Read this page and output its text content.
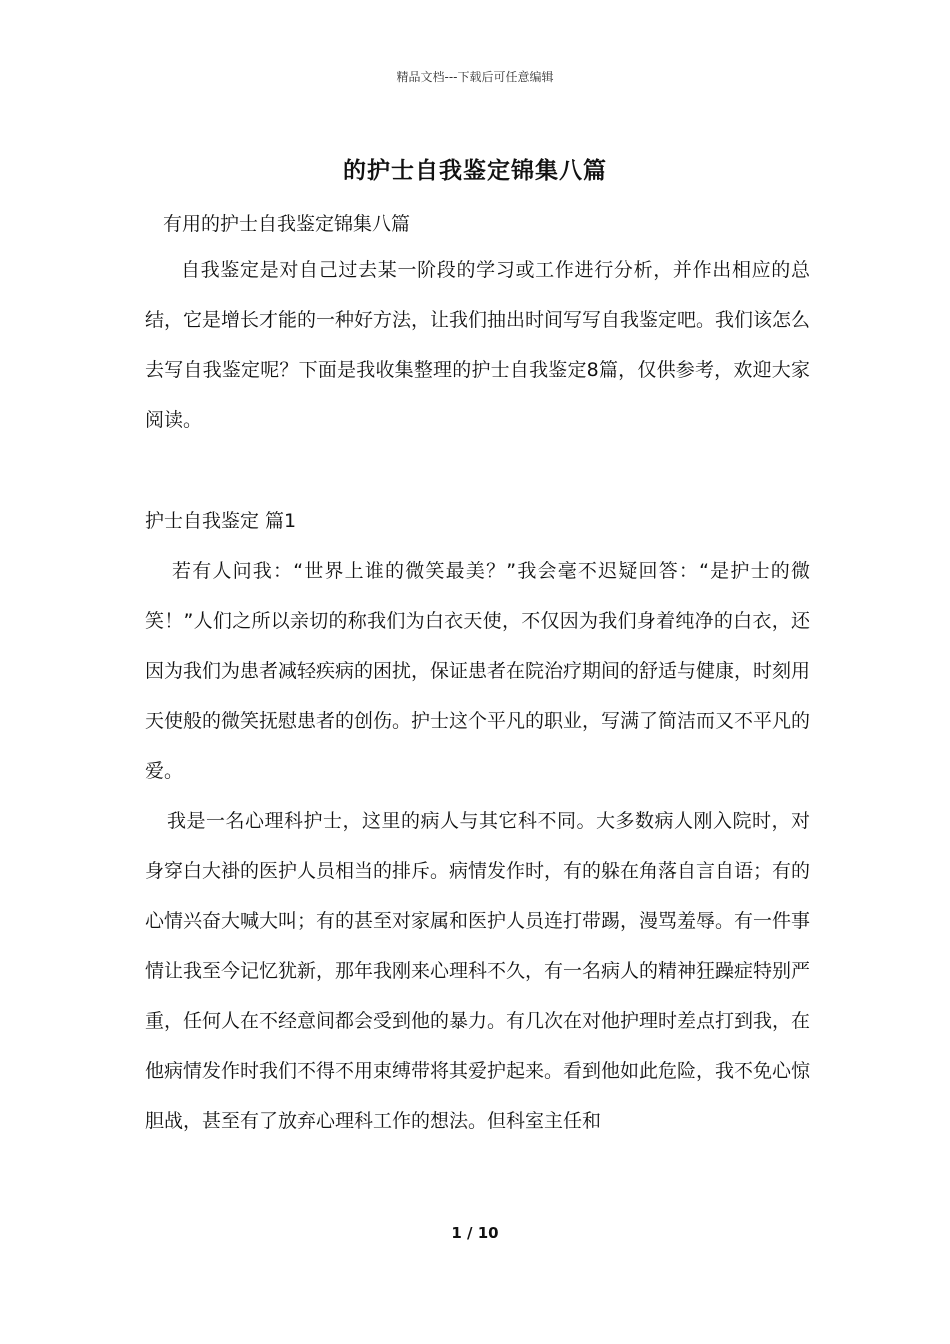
精品文档---下载后可任意编辑
的护士自我鉴定锦集八篇
有用的护士自我鉴定锦集八篇
自我鉴定是对自己过去某一阶段的学习或工作进行分析，并作出相应的总结，它是增长才能的一种好方法，让我们抽出时间写写自我鉴定吧。我们该怎么去写自我鉴定呢？下面是我收集整理的护士自我鉴定8篇，仅供参考，欢迎大家阅读。
护士自我鉴定 篇1
若有人问我：“世界上谁的微笑最美？”我会毫不迟疑回答：“是护士的微笑！”人们之所以亲切的称我们为白衣天使，不仅因为我们身着纯净的白衣，还因为我们为患者减轻疾病的困扰，保证患者在院治疗期间的舒适与健康，时刻用天使般的微笑抚慰患者的创伤。护士这个平凡的职业，写满了简洁而又不平凡的爱。
我是一名心理科护士，这里的病人与其它科不同。大多数病人刚入院时，对身穿白大褂的医护人员相当的排斥。病情发作时，有的躲在角落自言自语；有的心情兴奋大喊大叫；有的甚至对家属和医护人员连打带踢，漫骂羞辱。有一件事情让我至今记忆犹新，那年我刚来心理科不久，有一名病人的精神狂躁症特别严重，任何人在不经意间都会受到他的暴力。有几次在对他护理时差点打到我，在他病情发作时我们不得不用束缚带将其爱护起来。看到他如此危险，我不免心惊胆战，甚至有了放弃心理科工作的想法。但科室主任和
1 / 10
